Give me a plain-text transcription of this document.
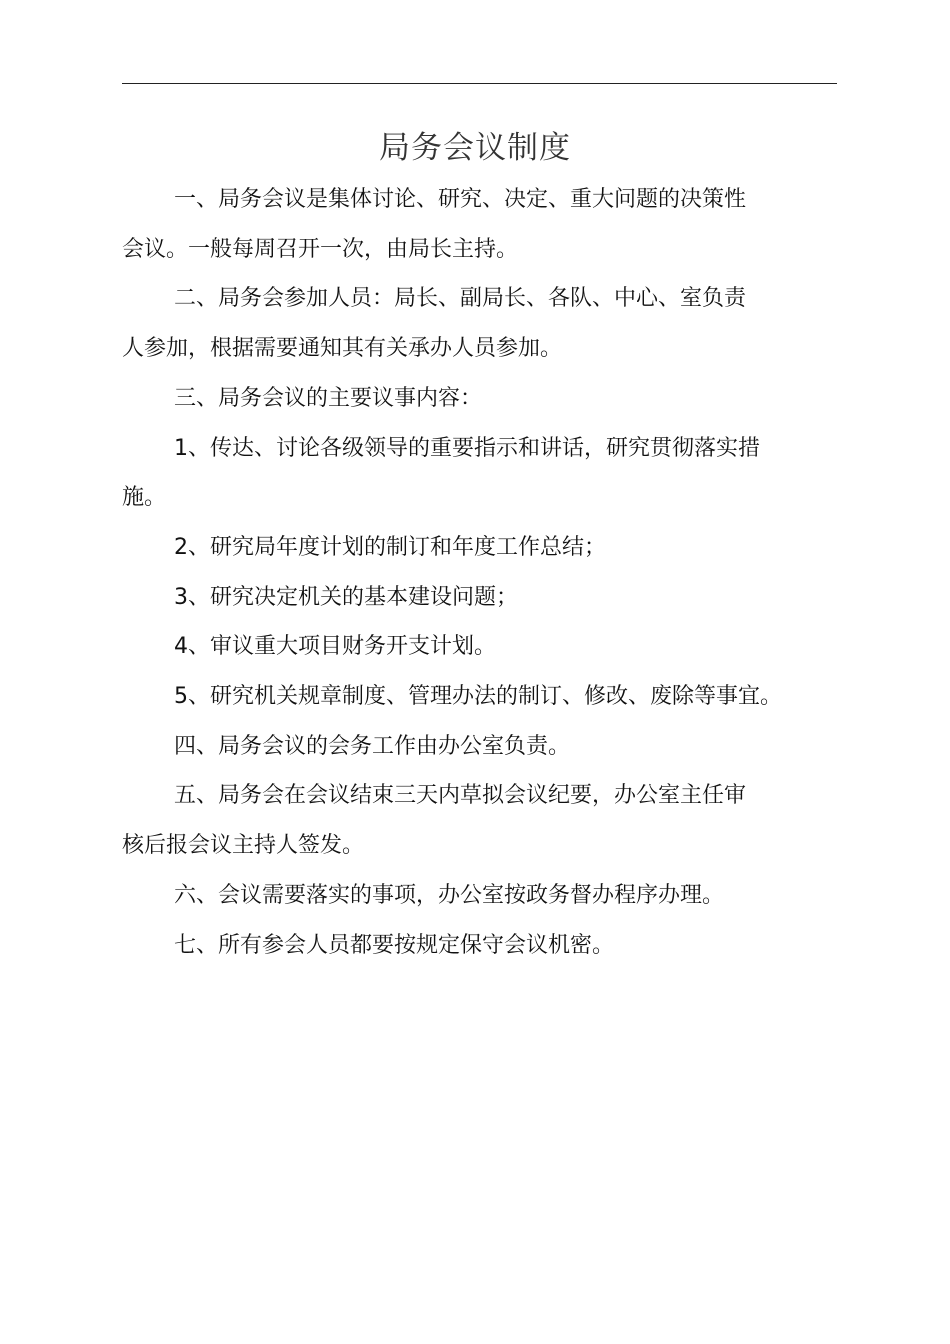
局务会议制度

一、局务会议是集体讨论、研究、决定、重大问题的决策性

会议。一般每周召开一次，由局长主持。

二、局务会参加人员：局长、副局长、各队、中心、室负责

人参加，根据需要通知其有关承办人员参加。

三、局务会议的主要议事内容：

1、传达、讨论各级领导的重要指示和讲话，研究贯彻落实措

施。

2、研究局年度计划的制订和年度工作总结；

3、研究决定机关的基本建设问题；

4、审议重大项目财务开支计划。

5、研究机关规章制度、管理办法的制订、修改、废除等事宜。

四、局务会议的会务工作由办公室负责。

五、局务会在会议结束三天内草拟会议纪要，办公室主任审

核后报会议主持人签发。

六、会议需要落实的事项，办公室按政务督办程序办理。

七、所有参会人员都要按规定保守会议机密。
